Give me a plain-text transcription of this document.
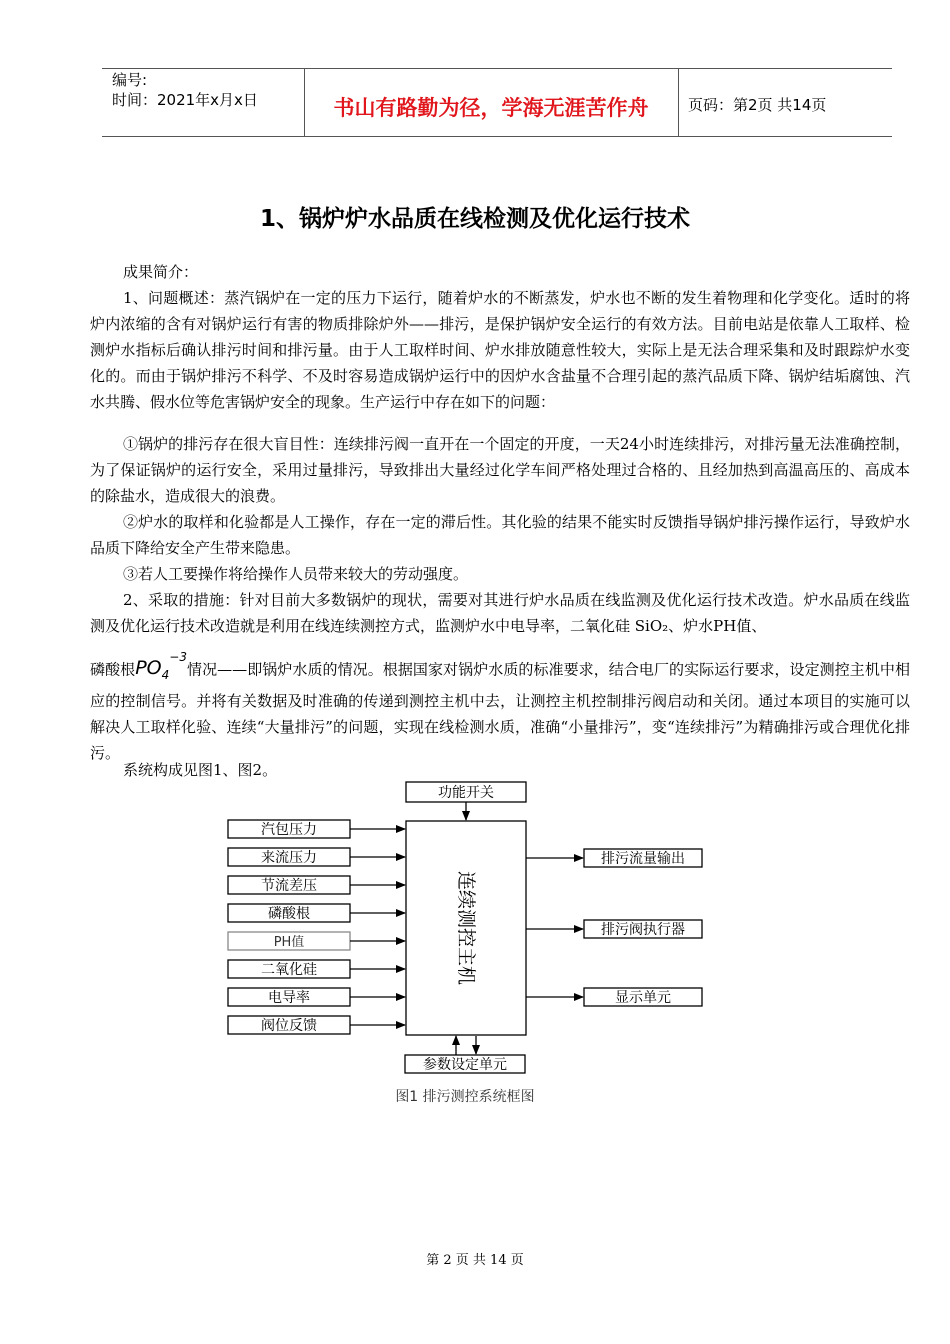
编号:
时间：2021年x月x日	书山有路勤为径，学海无涯苦作舟	页码：第2页 共14页
1、锅炉炉水品质在线检测及优化运行技术
成果简介：
1、问题概述：蒸汽锅炉在一定的压力下运行，随着炉水的不断蒸发，炉水也不断的发生着物理和化学变化。适时的将炉内浓缩的含有对锅炉运行有害的物质排除炉外——排污，是保护锅炉安全运行的有效方法。目前电站是依靠人工取样、检测炉水指标后确认排污时间和排污量。由于人工取样时间、炉水排放随意性较大，实际上是无法合理采集和及时跟踪炉水变化的。而由于锅炉排污不科学、不及时容易造成锅炉运行中的因炉水含盐量不合理引起的蒸汽品质下降、锅炉结垢腐蚀、汽水共腾、假水位等危害锅炉安全的现象。生产运行中存在如下的问题：
①锅炉的排污存在很大盲目性：连续排污阀一直开在一个固定的开度，一天24小时连续排污，对排污量无法准确控制，为了保证锅炉的运行安全，采用过量排污，导致排出大量经过化学车间严格处理过合格的、且经加热到高温高压的、高成本的除盐水，造成很大的浪费。
②炉水的取样和化验都是人工操作，存在一定的滞后性。其化验的结果不能实时反馈指导锅炉排污操作运行，导致炉水品质下降给安全产生带来隐患。
③若人工要操作将给操作人员带来较大的劳动强度。
2、采取的措施：针对目前大多数锅炉的现状，需要对其进行炉水品质在线监测及优化运行技术改造。炉水品质在线监测及优化运行技术改造就是利用在线连续测控方式，监测炉水中电导率，二氧化硅 SiO₂、炉水PH值、
磷酸根$PO_4^{-3}$情况——即锅炉水质的情况。根据国家对锅炉水质的标准要求，结合电厂的实际运行要求，设定测控主机中相应的控制信号。并将有关数据及时准确的传递到测控主机中去，让测控主机控制排污阀启动和关闭。通过本项目的实施可以解决人工取样化验、连续“大量排污”的问题，实现在线检测水质，准确“小量排污”，变“连续排污”为精确排污或合理优化排污。
系统构成见图1、图2。
功能开关
连续测控主机
汽包压力
来流压力
节流差压
磷酸根
PH值
二氧化硅
电导率
阀位反馈
排污流量输出
排污阀执行器
显示单元
参数设定单元
图1 排污测控系统框图
第 2 页 共 14 页
